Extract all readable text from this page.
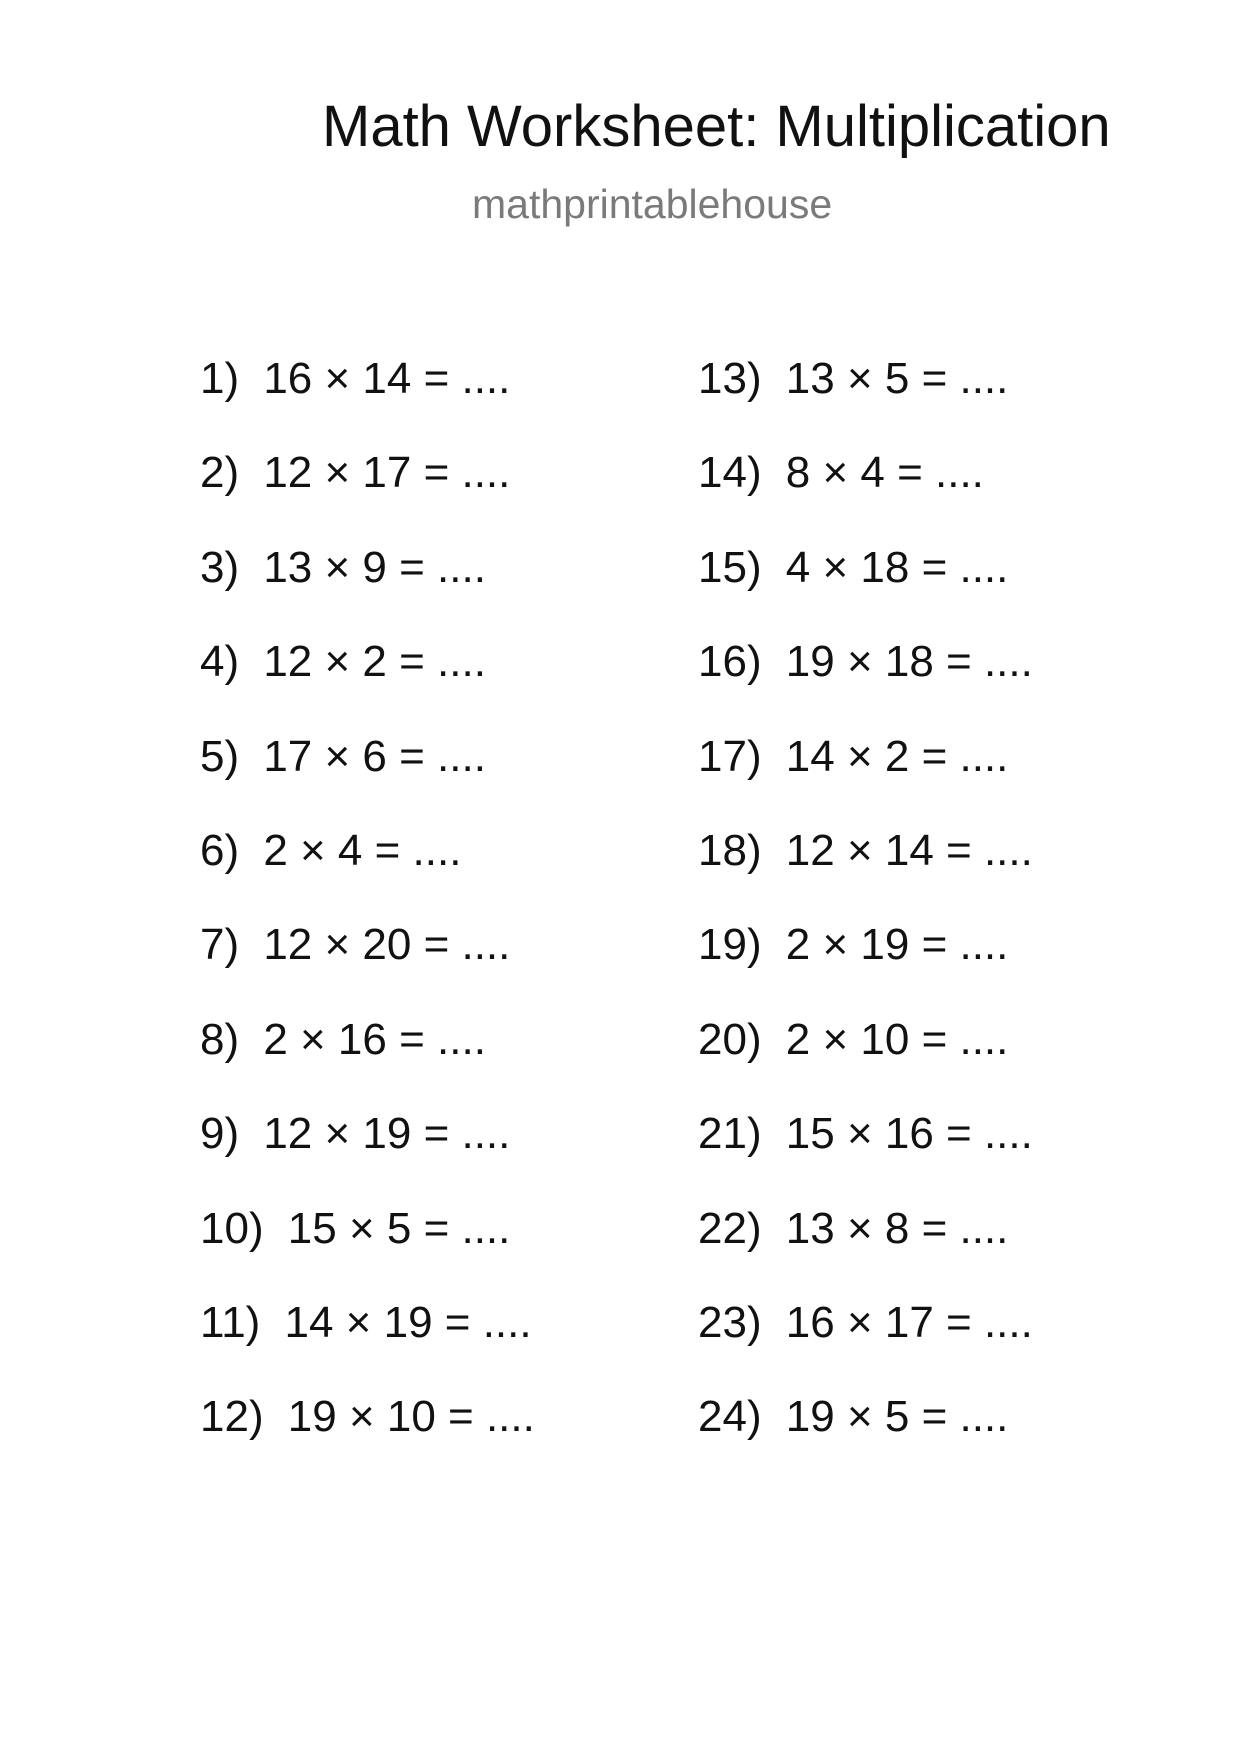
Math Worksheet: Multiplication
mathprintablehouse
1) 16 × 14 = ....
2) 12 × 17 = ....
3) 13 × 9 = ....
4) 12 × 2 = ....
5) 17 × 6 = ....
6) 2 × 4 = ....
7) 12 × 20 = ....
8) 2 × 16 = ....
9) 12 × 19 = ....
10) 15 × 5 = ....
11) 14 × 19 = ....
12) 19 × 10 = ....
13) 13 × 5 = ....
14) 8 × 4 = ....
15) 4 × 18 = ....
16) 19 × 18 = ....
17) 14 × 2 = ....
18) 12 × 14 = ....
19) 2 × 19 = ....
20) 2 × 10 = ....
21) 15 × 16 = ....
22) 13 × 8 = ....
23) 16 × 17 = ....
24) 19 × 5 = ....
